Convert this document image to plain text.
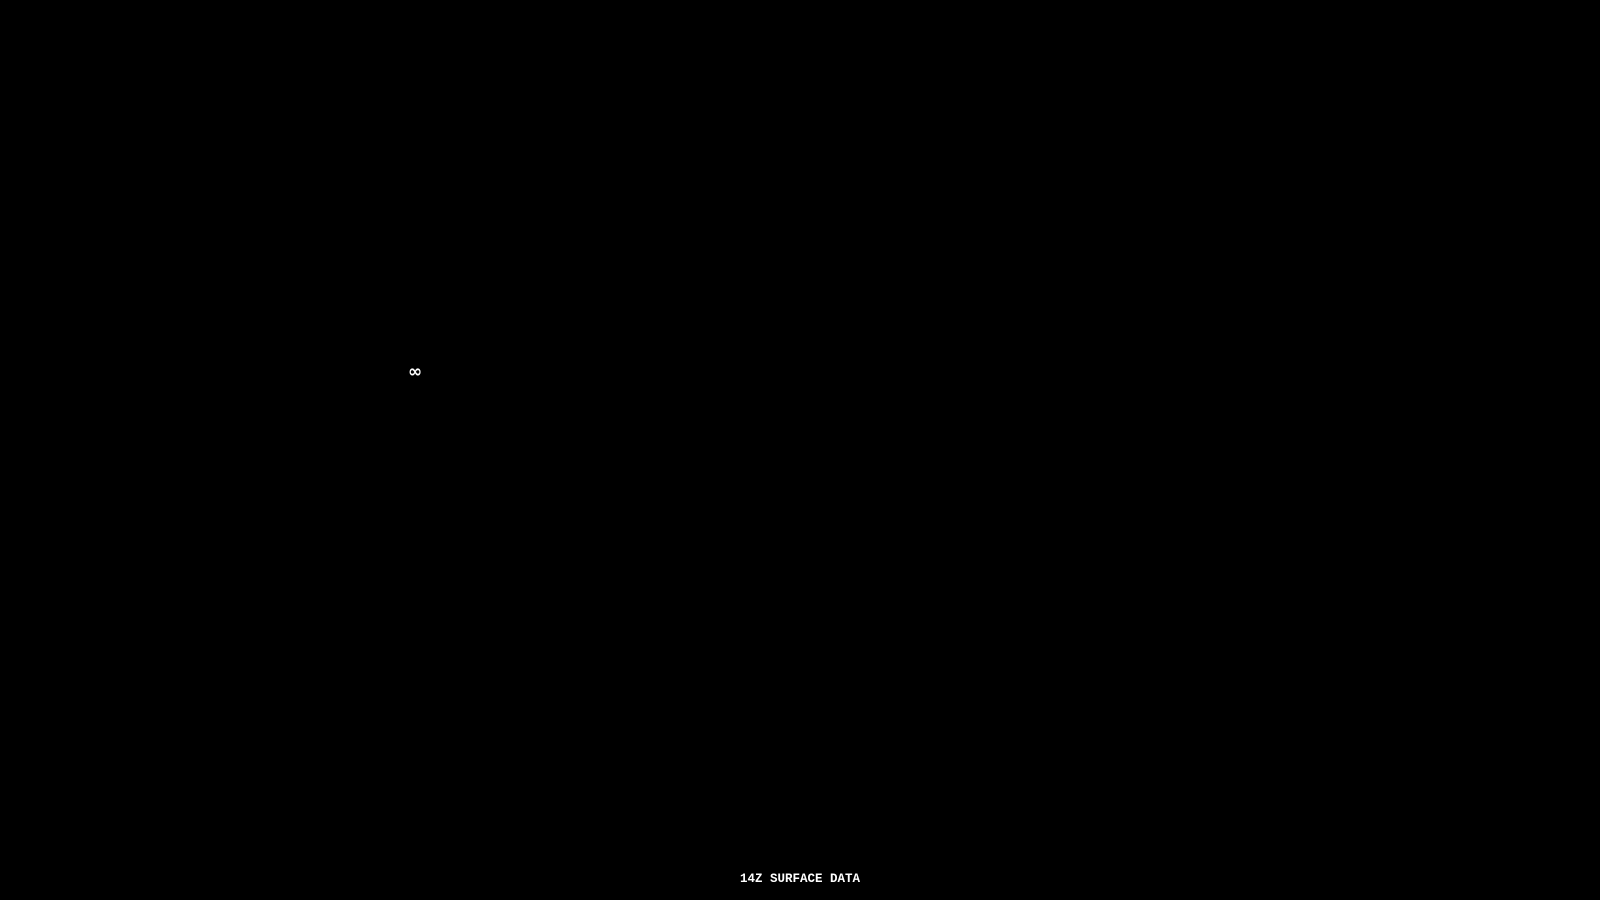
∞
14Z SURFACE DATA
